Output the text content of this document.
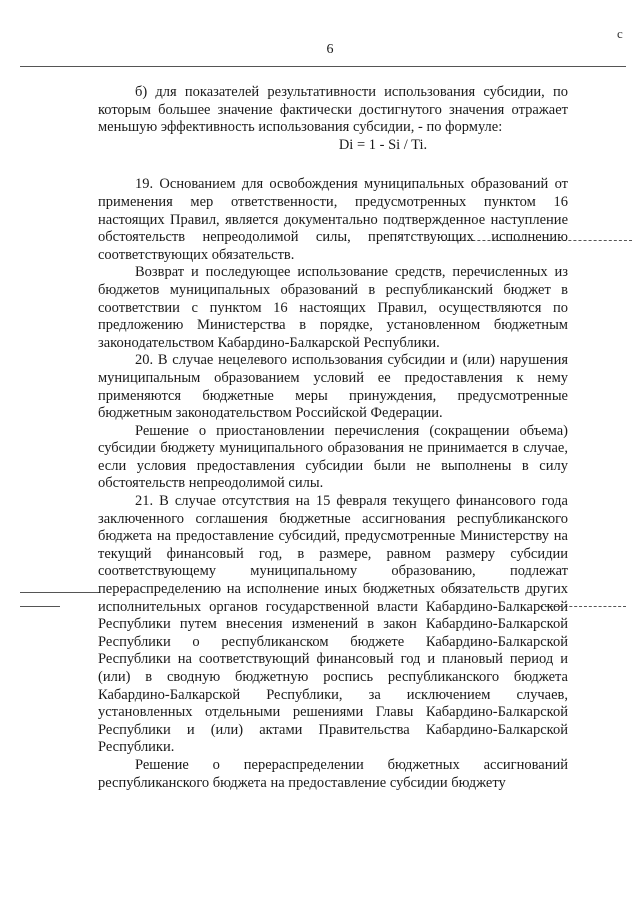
6
с

б) для показателей результативности использования субсидии, по которым большее значение фактически достигнутого значения отражает меньшую эффективность использования субсидии, - по формуле:

Di = 1 - Si / Ti.

19. Основанием для освобождения муниципальных образований от применения мер ответственности, предусмотренных пунктом 16 настоящих Правил, является документально подтвержденное наступление обстоятельств непреодолимой силы, препятствующих исполнению соответствующих обязательств.

Возврат и последующее использование средств, перечисленных из бюджетов муниципальных образований в республиканский бюджет в соответствии с пунктом 16 настоящих Правил, осуществляются по предложению Министерства в порядке, установленном бюджетным законодательством Кабардино-Балкарской Республики.

20. В случае нецелевого использования субсидии и (или) нарушения муниципальным образованием условий ее предоставления к нему применяются бюджетные меры принуждения, предусмотренные бюджетным законодательством Российской Федерации.

Решение о приостановлении перечисления (сокращении объема) субсидии бюджету муниципального образования не принимается в случае, если условия предоставления субсидии были не выполнены в силу обстоятельств непреодолимой силы.

21. В случае отсутствия на 15 февраля текущего финансового года заключенного соглашения бюджетные ассигнования республиканского бюджета на предоставление субсидий, предусмотренные Министерству на текущий финансовый год, в размере, равном размеру субсидии соответствующему муниципальному образованию, подлежат перераспределению на исполнение иных бюджетных обязательств других исполнительных органов государственной власти Кабардино-Балкарской Республики путем внесения изменений в закон Кабардино-Балкарской Республики о республиканском бюджете Кабардино-Балкарской Республики на соответствующий финансовый год и плановый период и (или) в сводную бюджетную роспись республиканского бюджета Кабардино-Балкарской Республики, за исключением случаев, установленных отдельными решениями Главы Кабардино-Балкарской Республики и (или) актами Правительства Кабардино-Балкарской Республики.

Решение о перераспределении бюджетных ассигнований республиканского бюджета на предоставление субсидии бюджету
